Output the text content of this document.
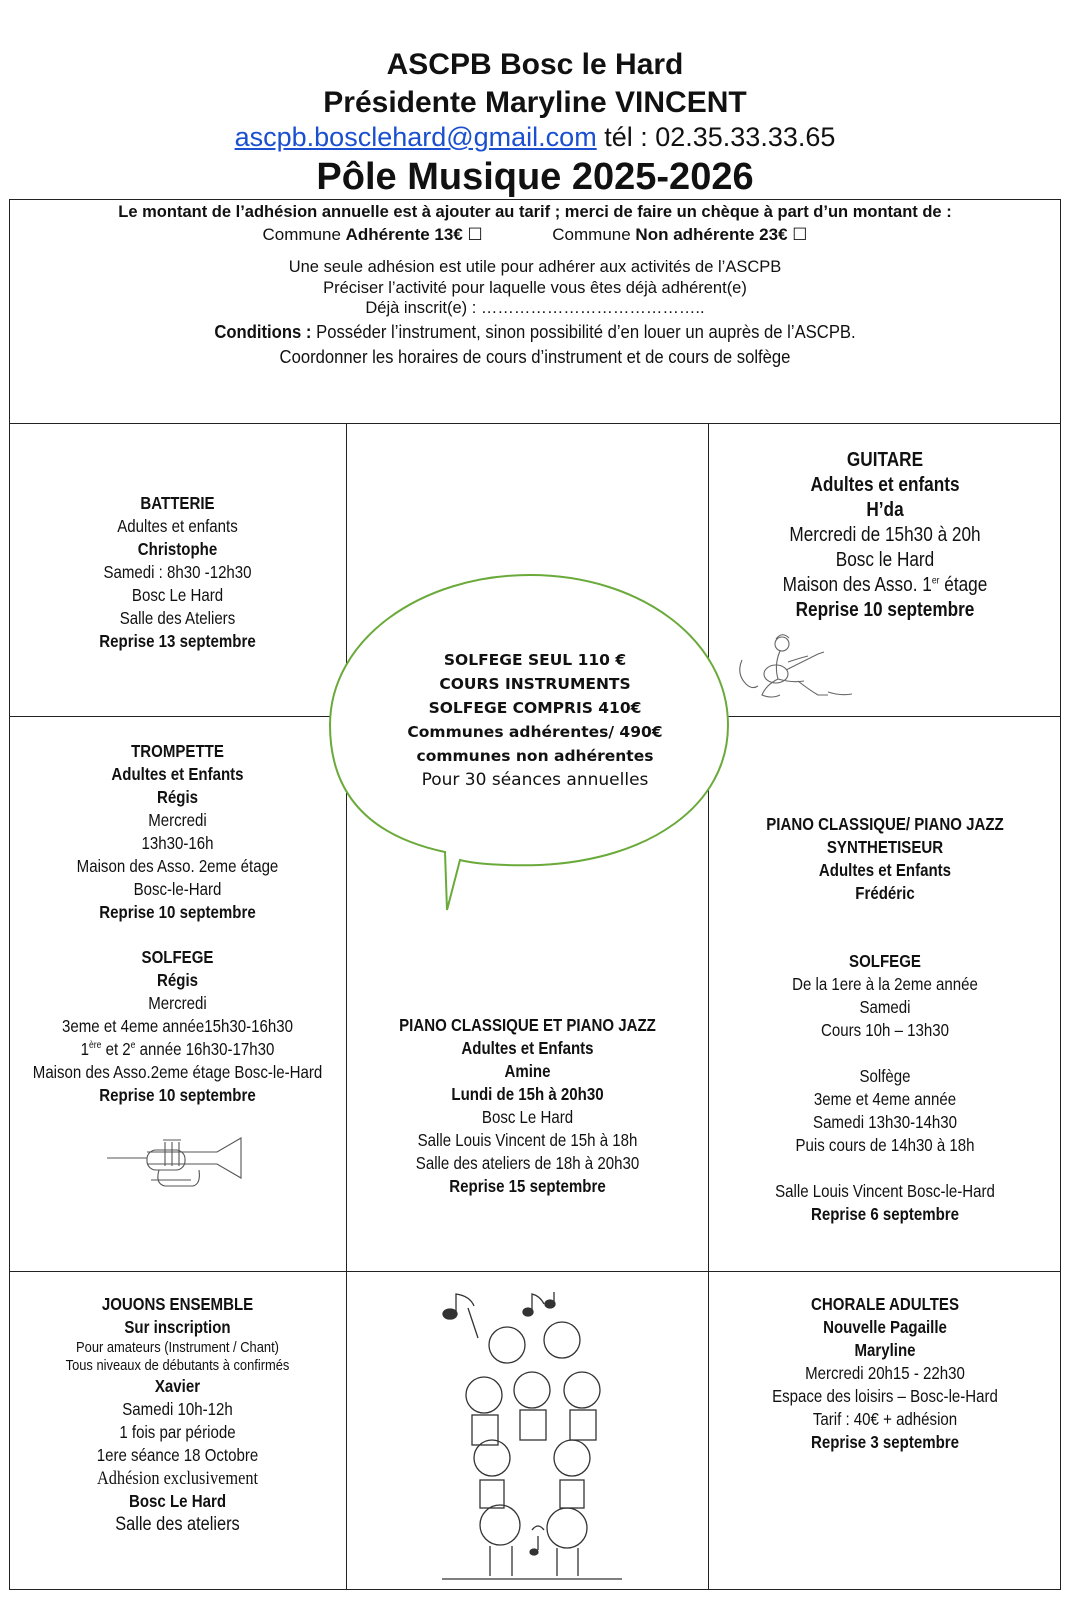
ASCPB Bosc le Hard
Présidente Maryline VINCENT
ascpb.bosclehard@gmail.com tél : 02.35.33.33.65
Pôle Musique 2025-2026
Le montant de l’adhésion annuelle est à ajouter au tarif ; merci de faire un chèque à part d’un montant de :
Commune Adhérente 13€ ☐	Commune Non adhérente 23€ ☐
Une seule adhésion est utile pour adhérer aux activités de l’ASCPB
Préciser l’activité pour laquelle vous êtes déjà adhérent(e)
Déjà inscrit(e) : …………………………………..
Conditions : Posséder l’instrument, sinon possibilité d’en louer un auprès de l’ASCPB.
Coordonner les horaires de cours d’instrument et de cours de solfège
BATTERIE
Adultes et enfants
Christophe
Samedi : 8h30 -12h30
Bosc Le Hard
Salle des Ateliers
Reprise 13 septembre
GUITARE
Adultes et enfants
H’da
Mercredi de 15h30 à 20h
Bosc le Hard
Maison des Asso. 1er étage
Reprise 10 septembre
SOLFEGE SEUL 110 €
COURS INSTRUMENTS
SOLFEGE COMPRIS 410€
Communes adhérentes/ 490€
communes non adhérentes
Pour 30 séances annuelles
TROMPETTE
Adultes et Enfants
Régis
Mercredi
13h30-16h
Maison des Asso. 2eme étage
Bosc-le-Hard
Reprise 10 septembre
SOLFEGE
Régis
Mercredi
3eme et 4eme année15h30-16h30
1ère et 2e année 16h30-17h30
Maison des Asso.2eme étage Bosc-le-Hard
Reprise 10 septembre
PIANO CLASSIQUE ET PIANO JAZZ
Adultes et Enfants
Amine
Lundi de 15h à 20h30
Bosc Le Hard
Salle Louis Vincent de 15h à 18h
Salle des ateliers de 18h à 20h30
Reprise 15 septembre
PIANO CLASSIQUE/ PIANO JAZZ
SYNTHETISEUR
Adultes et Enfants
Frédéric
SOLFEGE
De la 1ere à la 2eme année
Samedi
Cours 10h – 13h30
Solfège
3eme et 4eme année
Samedi 13h30-14h30
Puis cours de 14h30 à 18h
Salle Louis Vincent Bosc-le-Hard
Reprise 6 septembre
JOUONS ENSEMBLE
Sur inscription
Pour amateurs (Instrument / Chant)
Tous niveaux de débutants à confirmés
Xavier
Samedi 10h-12h
1 fois par période
1ere séance 18 Octobre
Adhésion exclusivement
Bosc Le Hard
Salle des ateliers
CHORALE ADULTES
Nouvelle Pagaille
Maryline
Mercredi 20h15 - 22h30
Espace des loisirs – Bosc-le-Hard
Tarif : 40€ + adhésion
Reprise 3 septembre
